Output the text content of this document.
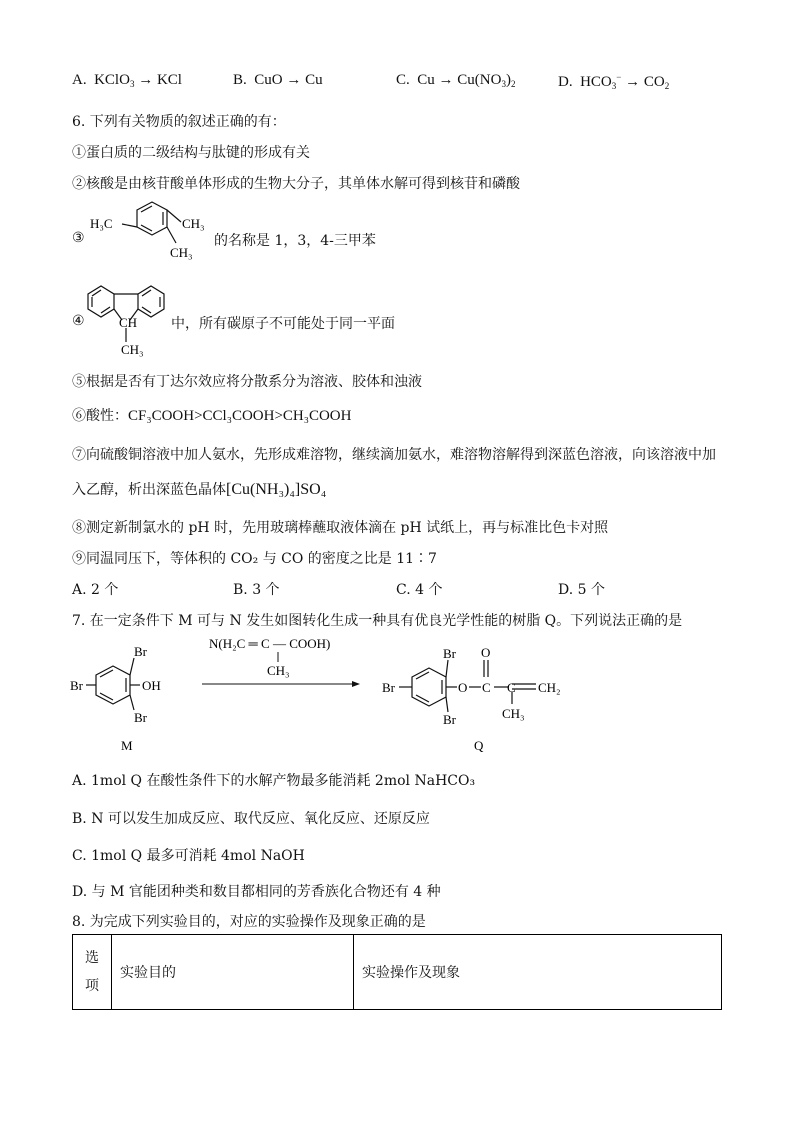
A. KClO$_3$ → KCl	B. CuO → Cu	C. $Cu \to Cu(NO_3)_2$	D. $HCO_3^- \to CO_2$
6. 下列有关物质的叙述正确的有：
①蛋白质的二级结构与肽键的形成有关
②核酸是由核苷酸单体形成的生物大分子，其单体水解可得到核苷和磷酸
③
H₃C	CH₃
CH₃
的名称是 1，3，4-三甲苯
④	CH
CH₃
中，所有碳原子不可能处于同一平面
⑤根据是否有丁达尔效应将分散系分为溶液、胶体和浊液
⑥酸性：CF₃COOH>CCl₃COOH>CH₃COOH
⑦向硫酸铜溶液中加人氨水，先形成难溶物，继续滴加氨水，难溶物溶解得到深蓝色溶液，向该溶液中加
入乙醇，析出深蓝色晶体[Cu(NH₃)₄]SO₄
⑧测定新制氯水的 pH 时，先用玻璃棒蘸取液体滴在 pH 试纸上，再与标准比色卡对照
⑨同温同压下，等体积的 CO₂ 与 CO 的密度之比是 11∶7
A. 2 个	B. 3 个	C. 4 个	D. 5 个
7. 在一定条件下 M 可与 N 发生如图转化生成一种具有优良光学性能的树脂 Q。下列说法正确的是
Br
Br	OH
Br
M
N(H₂C ═ C — COOH)
CH₃
Br
Br
Br
O
O
C C CH₂
CH₃
Q
A. 1mol Q 在酸性条件下的水解产物最多能消耗 2mol NaHCO₃
B. N 可以发生加成反应、取代反应、氧化反应、还原反应
C. 1mol Q 最多可消耗 4mol NaOH
D. 与 M 官能团种类和数目都相同的芳香族化合物还有 4 种
8. 为完成下列实验目的，对应的实验操作及现象正确的是
选
项	实验目的	实验操作及现象
